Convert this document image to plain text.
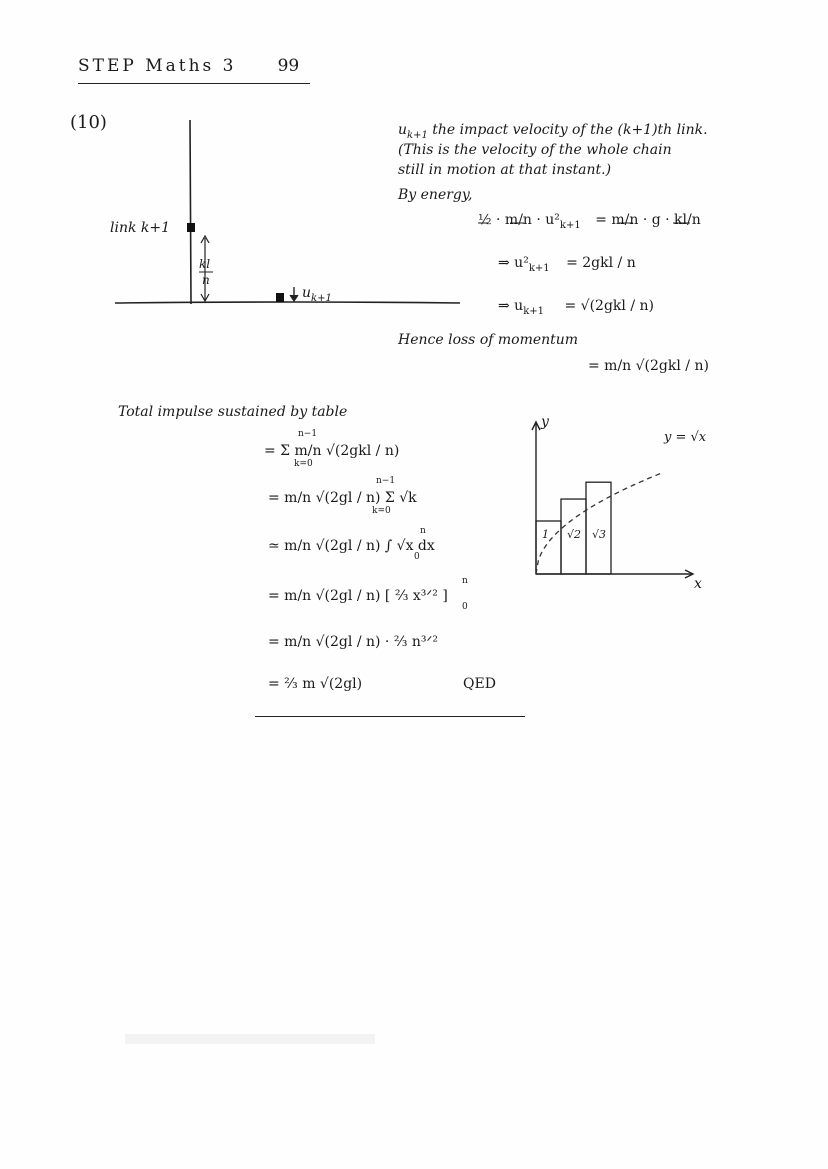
STEP Maths 3 99
(10)
link k+1
kl
n
$u_{k+1}$
$u_{k+1}$ the impact velocity of the (k+1)th link.
(This is the velocity of the whole chain
still in motion at that instant.)
By energy,
½ · $m/n \cdot u^2_{k+1} = m/n \cdot g \cdot kl/n$
⇒ $u^2_{k+1} = 2gkl / n$
⇒ $u_{k+1} = √(2gkl / n)$
Hence loss of momentum
= m/n √(2gkl / n)
Total impulse sustained by table
= Σ m/n √(2gkl / n)
n−1
k=0
= m/n √(2gl / n) Σ √k
n−1
k=0
≃ m/n √(2gl / n) ∫ √x dx
n
0
= m/n √(2gl / n) [ ⅔ x³ᐟ² ]
n
0
= m/n √(2gl / n) · ⅔ n³ᐟ²
= ⅔ m √(2gl)	QED
y
x
y = √x
1 √2 √3
